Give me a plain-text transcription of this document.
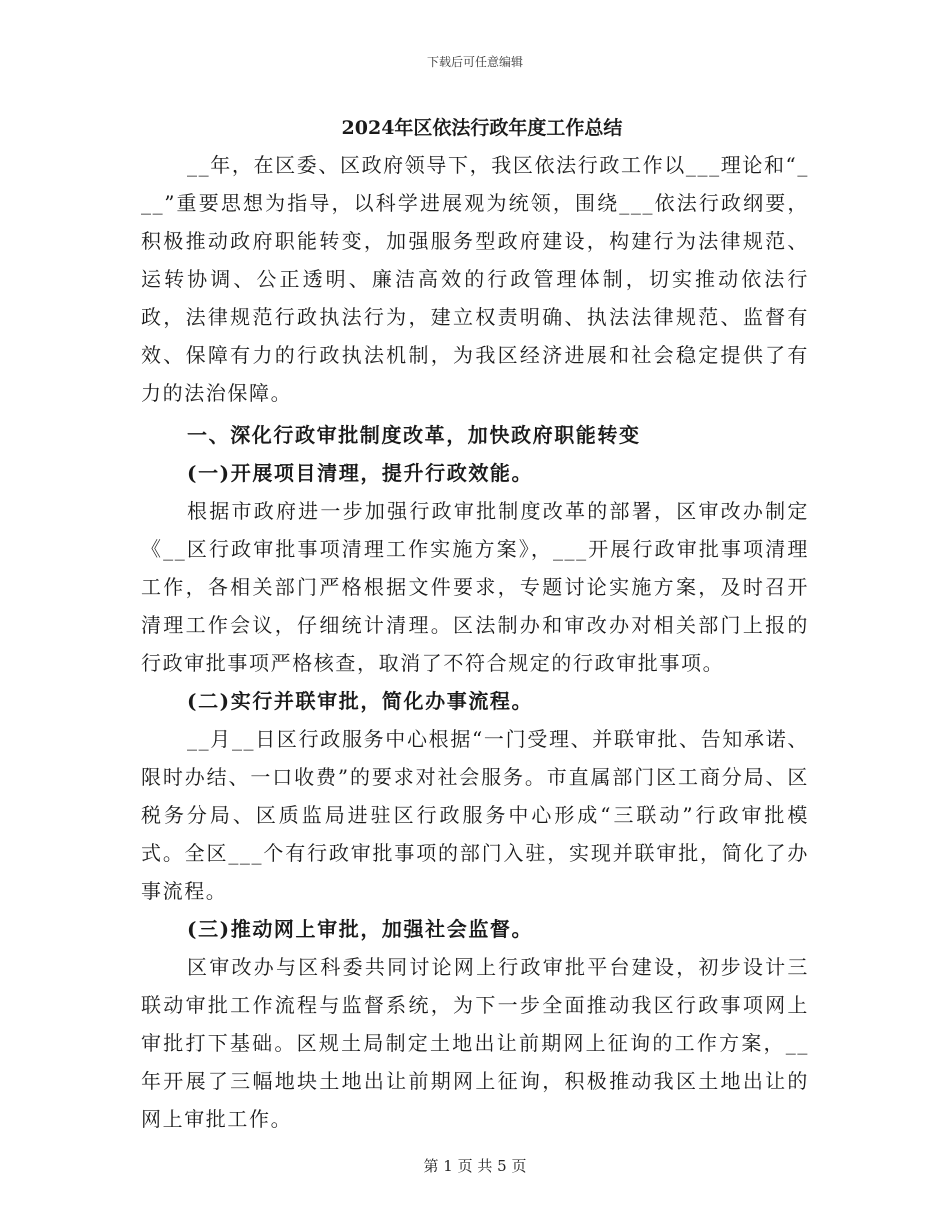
下载后可任意编辑
2024年区依法行政年度工作总结

__年，在区委、区政府领导下，我区依法行政工作以___理论和“___”重要思想为指导，以科学进展观为统领，围绕___依法行政纲要，积极推动政府职能转变，加强服务型政府建设，构建行为法律规范、运转协调、公正透明、廉洁高效的行政管理体制，切实推动依法行政，法律规范行政执法行为，建立权责明确、执法法律规范、监督有效、保障有力的行政执法机制，为我区经济进展和社会稳定提供了有力的法治保障。

一、深化行政审批制度改革，加快政府职能转变

(一)开展项目清理，提升行政效能。

根据市政府进一步加强行政审批制度改革的部署，区审改办制定《__区行政审批事项清理工作实施方案》，___开展行政审批事项清理工作，各相关部门严格根据文件要求，专题讨论实施方案，及时召开清理工作会议，仔细统计清理。区法制办和审改办对相关部门上报的行政审批事项严格核查，取消了不符合规定的行政审批事项。

(二)实行并联审批，简化办事流程。

__月__日区行政服务中心根据“一门受理、并联审批、告知承诺、限时办结、一口收费”的要求对社会服务。市直属部门区工商分局、区税务分局、区质监局进驻区行政服务中心形成“三联动”行政审批模式。全区___个有行政审批事项的部门入驻，实现并联审批，简化了办事流程。

(三)推动网上审批，加强社会监督。

区审改办与区科委共同讨论网上行政审批平台建设，初步设计三联动审批工作流程与监督系统，为下一步全面推动我区行政事项网上审批打下基础。区规土局制定土地出让前期网上征询的工作方案，__年开展了三幅地块土地出让前期网上征询，积极推动我区土地出让的网上审批工作。

第 1 页 共 5 页
